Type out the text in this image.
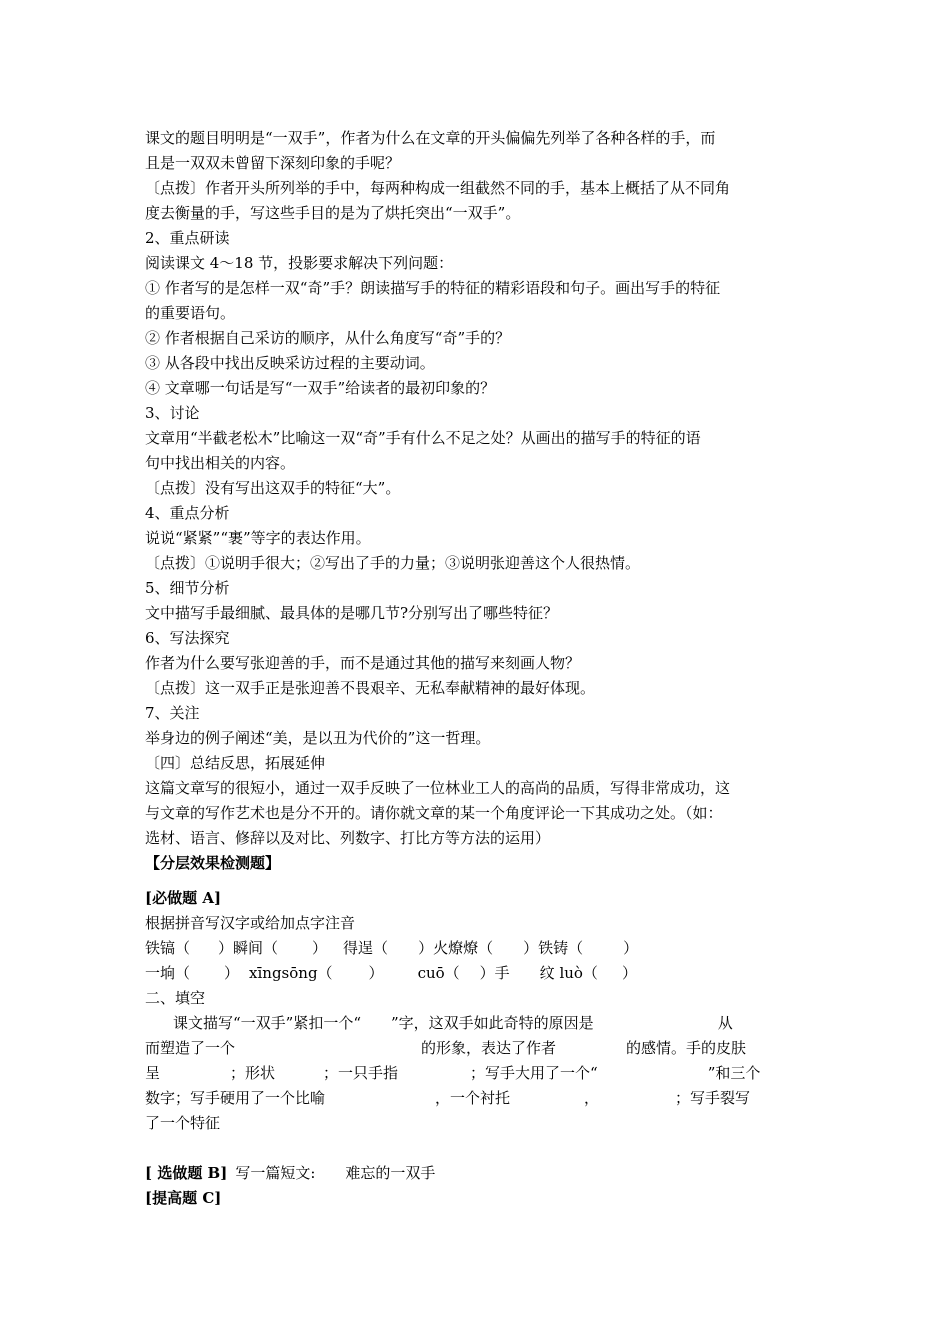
课文的题目明明是“一双手”，作者为什么在文章的开头偏偏先列举了各种各样的手，而
且是一双双未曾留下深刻印象的手呢？
〔点拨〕作者开头所列举的手中，每两种构成一组截然不同的手，基本上概括了从不同角
度去衡量的手，写这些手目的是为了烘托突出“一双手”。
2、重点研读
阅读课文 4～18 节，投影要求解决下列问题：
① 作者写的是怎样一双“奇”手？朗读描写手的特征的精彩语段和句子。画出写手的特征
的重要语句。
② 作者根据自己采访的顺序，从什么角度写“奇”手的？
③ 从各段中找出反映采访过程的主要动词。
④ 文章哪一句话是写“一双手”给读者的最初印象的？
3、讨论
文章用“半截老松木”比喻这一双“奇”手有什么不足之处？从画出的描写手的特征的语
句中找出相关的内容。
〔点拨〕没有写出这双手的特征“大”。
4、重点分析
说说“紧紧”“裹”等字的表达作用。
〔点拨〕①说明手很大；②写出了手的力量；③说明张迎善这个人很热情。
5、细节分析
文中描写手最细腻、最具体的是哪几节?分别写出了哪些特征？
6、写法探究
作者为什么要写张迎善的手，而不是通过其他的描写来刻画人物？
〔点拨〕这一双手正是张迎善不畏艰辛、无私奉献精神的最好体现。
7、关注
举身边的例子阐述“美，是以丑为代价的”这一哲理。
〔四〕总结反思，拓展延伸
这篇文章写的很短小，通过一双手反映了一位林业工人的高尚的品质，写得非常成功，这
与文章的写作艺术也是分不开的。请你就文章的某一个角度评论一下其成功之处。（如：
选材、语言、修辞以及对比、列数字、打比方等方法的运用）
【分层效果检测题】
[必做题 A]
根据拼音写汉字或给加点字注音
铁镐（ ）瞬间（ ） 得逞（ ）火燎燎（ ）铁铸（	）
一垧（ ） xīngsōng（ ） cuō（ ）手 纹 luò（ ）
二、填空
课文描写“一双手”紧扣一个“ ”字，这双手如此奇特的原因是	从
而塑造了一个	的形象，表达了作者	的感情。手的皮肤
呈	；形状	；一只手指	；写手大用了一个“	”和三个
数字；写手硬用了一个比喻	，一个衬托	，	；写手裂写
了一个特征
[ 选做题 B] 写一篇短文: 难忘的一双手
[提高题 C]
